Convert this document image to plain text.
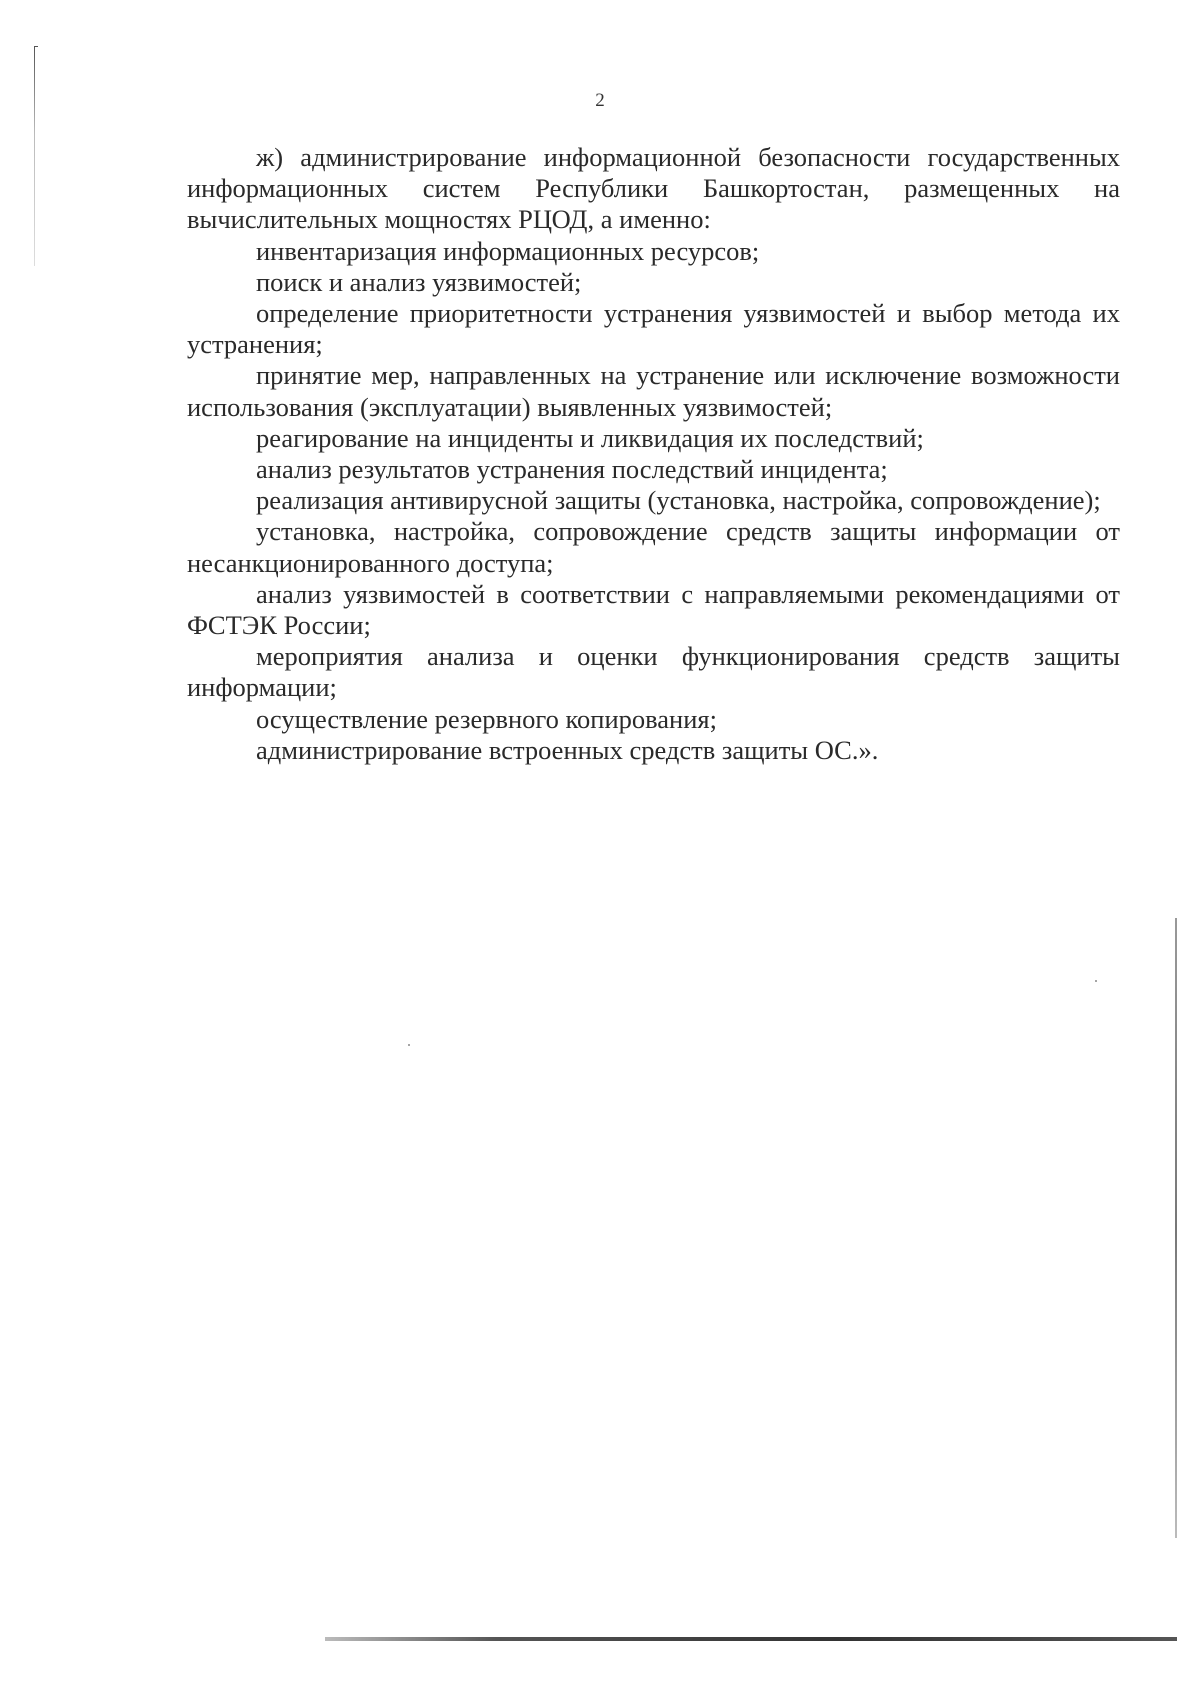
2

ж) администрирование информационной безопасности государственных информационных систем Республики Башкортостан, размещенных на вычислительных мощностях РЦОД, а именно:

инвентаризация информационных ресурсов;

поиск и анализ уязвимостей;

определение приоритетности устранения уязвимостей и выбор метода их устранения;

принятие мер, направленных на устранение или исключение возможности использования (эксплуатации) выявленных уязвимостей;

реагирование на инциденты и ликвидация их последствий;

анализ результатов устранения последствий инцидента;

реализация антивирусной защиты (установка, настройка, сопровождение);

установка, настройка, сопровождение средств защиты информации от несанкционированного доступа;

анализ уязвимостей в соответствии с направляемыми рекомендациями от ФСТЭК России;

мероприятия анализа и оценки функционирования средств защиты информации;

осуществление резервного копирования;

администрирование встроенных средств защиты ОС.».
